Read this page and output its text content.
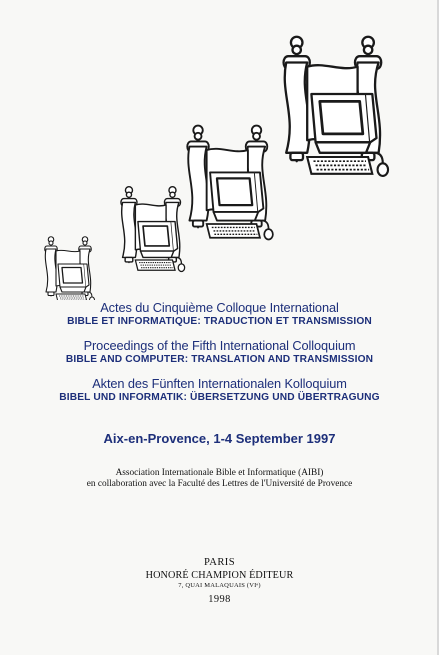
Actes du Cinquième Colloque International

BIBLE ET INFORMATIQUE: TRADUCTION ET TRANSMISSION

Proceedings of the Fifth International Colloquium

BIBLE AND COMPUTER: TRANSLATION AND TRANSMISSION

Akten des Fünften Internationalen Kolloquium

BIBEL UND INFORMATIK: ÜBERSETZUNG UND ÜBERTRAGUNG

Aix-en-Provence, 1-4 September 1997
Association Internationale Bible et Informatique (AIBI)
en collaboration avec la Faculté des Lettres de l'Université de Provence
PARIS
HONORÉ CHAMPION ÉDITEUR
7, QUAI MALAQUAIS (VIᵉ)
1998
